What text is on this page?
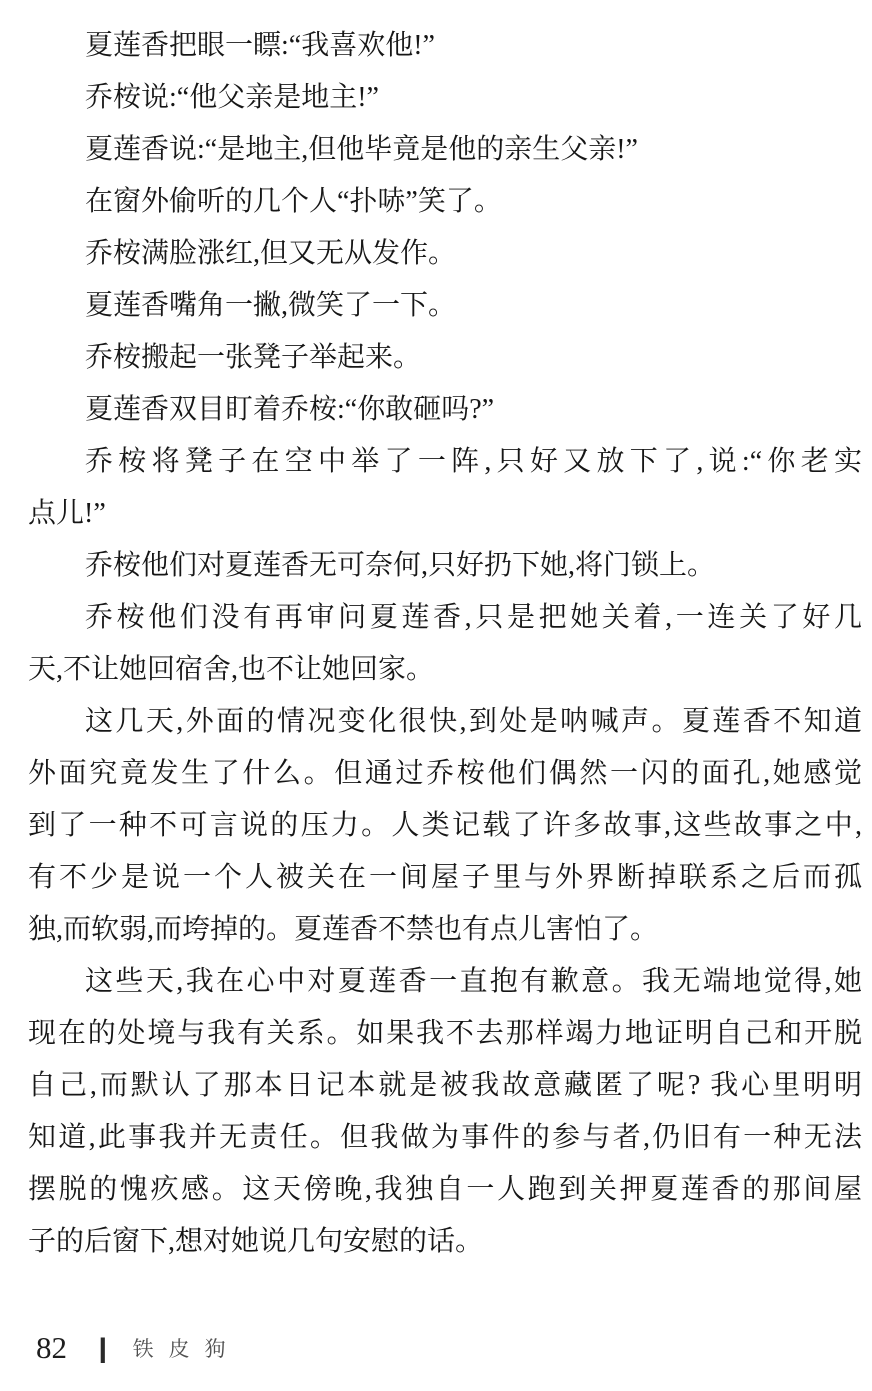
夏莲香把眼一瞟:“我喜欢他!”
乔桉说:“他父亲是地主!”
夏莲香说:“是地主,但他毕竟是他的亲生父亲!”
在窗外偷听的几个人“扑哧”笑了。
乔桉满脸涨红,但又无从发作。
夏莲香嘴角一撇,微笑了一下。
乔桉搬起一张凳子举起来。
夏莲香双目盯着乔桉:“你敢砸吗?”
乔桉将凳子在空中举了一阵,只好又放下了,说:“你老实
点儿!”
乔桉他们对夏莲香无可奈何,只好扔下她,将门锁上。
乔桉他们没有再审问夏莲香,只是把她关着,一连关了好几
天,不让她回宿舍,也不让她回家。
这几天,外面的情况变化很快,到处是呐喊声。夏莲香不知道
外面究竟发生了什么。但通过乔桉他们偶然一闪的面孔,她感觉
到了一种不可言说的压力。人类记载了许多故事,这些故事之中,
有不少是说一个人被关在一间屋子里与外界断掉联系之后而孤
独,而软弱,而垮掉的。夏莲香不禁也有点儿害怕了。
这些天,我在心中对夏莲香一直抱有歉意。我无端地觉得,她
现在的处境与我有关系。如果我不去那样竭力地证明自己和开脱
自己,而默认了那本日记本就是被我故意藏匿了呢? 我心里明明
知道,此事我并无责任。但我做为事件的参与者,仍旧有一种无法
摆脱的愧疚感。这天傍晚,我独自一人跑到关押夏莲香的那间屋
子的后窗下,想对她说几句安慰的话。
82 | 铁皮狗
